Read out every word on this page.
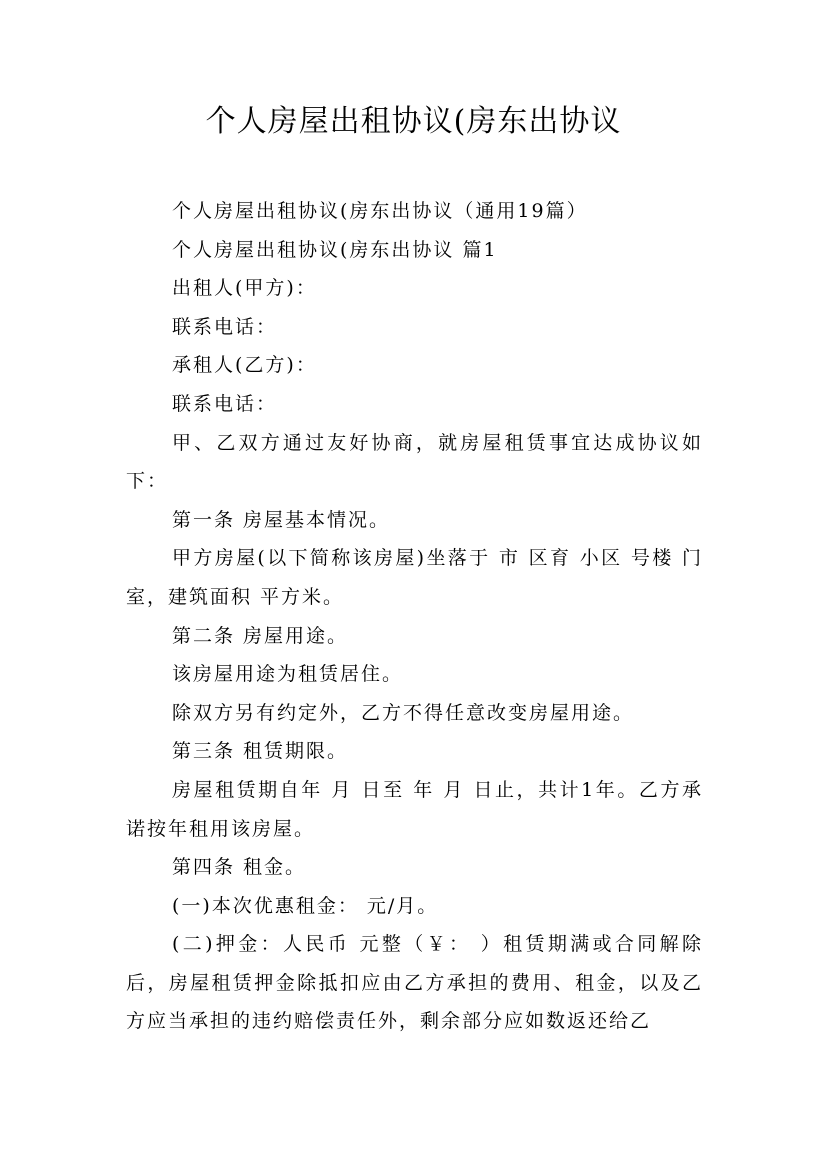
个人房屋出租协议(房东出协议

个人房屋出租协议(房东出协议（通用19篇）

个人房屋出租协议(房东出协议 篇1

出租人(甲方)：

联系电话：

承租人(乙方)：

联系电话：

甲、乙双方通过友好协商，就房屋租赁事宜达成协议如下：

第一条 房屋基本情况。

甲方房屋(以下简称该房屋)坐落于 市 区育 小区 号楼 门 室，建筑面积 平方米。

第二条 房屋用途。

该房屋用途为租赁居住。

除双方另有约定外，乙方不得任意改变房屋用途。

第三条 租赁期限。

房屋租赁期自年 月 日至 年 月 日止，共计1年。乙方承诺按年租用该房屋。

第四条 租金。

(一)本次优惠租金： 元/月。

(二)押金：人民币 元整（￥： ）租赁期满或合同解除后，房屋租赁押金除抵扣应由乙方承担的费用、租金，以及乙方应当承担的违约赔偿责任外，剩余部分应如数返还给乙
